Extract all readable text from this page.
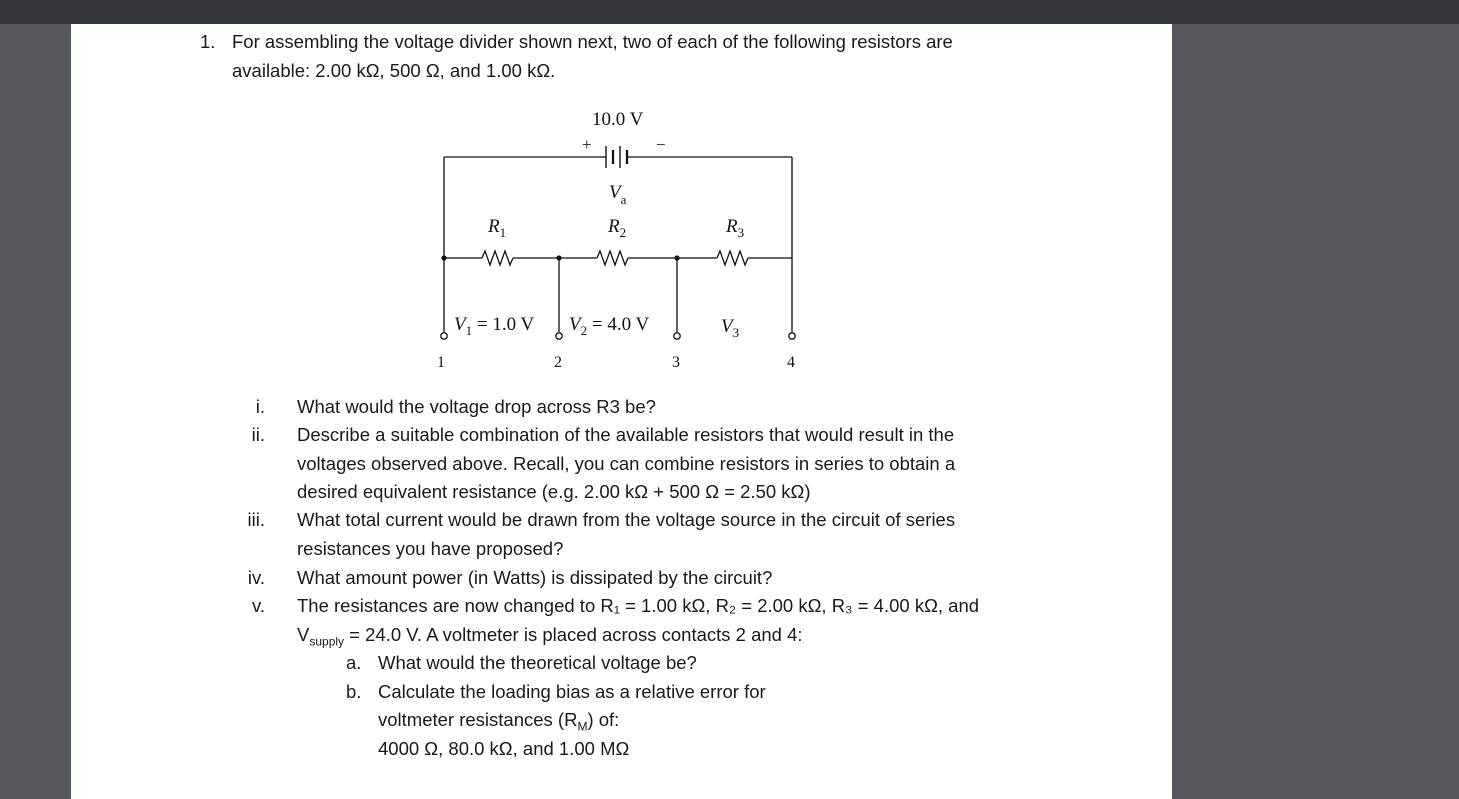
1. For assembling the voltage divider shown next, two of each of the following resistors are
available: 2.00 kΩ, 500 Ω, and 1.00 kΩ.
10.0 V
+	−
$V_a$
$R_1$	$R_2$	$R_3$
$V_1 = 1.0$ V $V_2 = 4.0$ V	$V_3$
1	2	3	4
i. What would the voltage drop across R3 be?
ii. Describe a suitable combination of the available resistors that would result in the
voltages observed above. Recall, you can combine resistors in series to obtain a
desired equivalent resistance (e.g. 2.00 kΩ + 500 Ω = 2.50 kΩ)
iii. What total current would be drawn from the voltage source in the circuit of series
resistances you have proposed?
iv. What amount power (in Watts) is dissipated by the circuit?
v. The resistances are now changed to R₁ = 1.00 kΩ, R₂ = 2.00 kΩ, R₃ = 4.00 kΩ, and
$V_{supply} = 24.0$ V. A voltmeter is placed across contacts 2 and 4:
a. What would the theoretical voltage be?
b. Calculate the loading bias as a relative error for
voltmeter resistances $(R_M)$ of:
4000 Ω, 80.0 kΩ, and 1.00 MΩ
